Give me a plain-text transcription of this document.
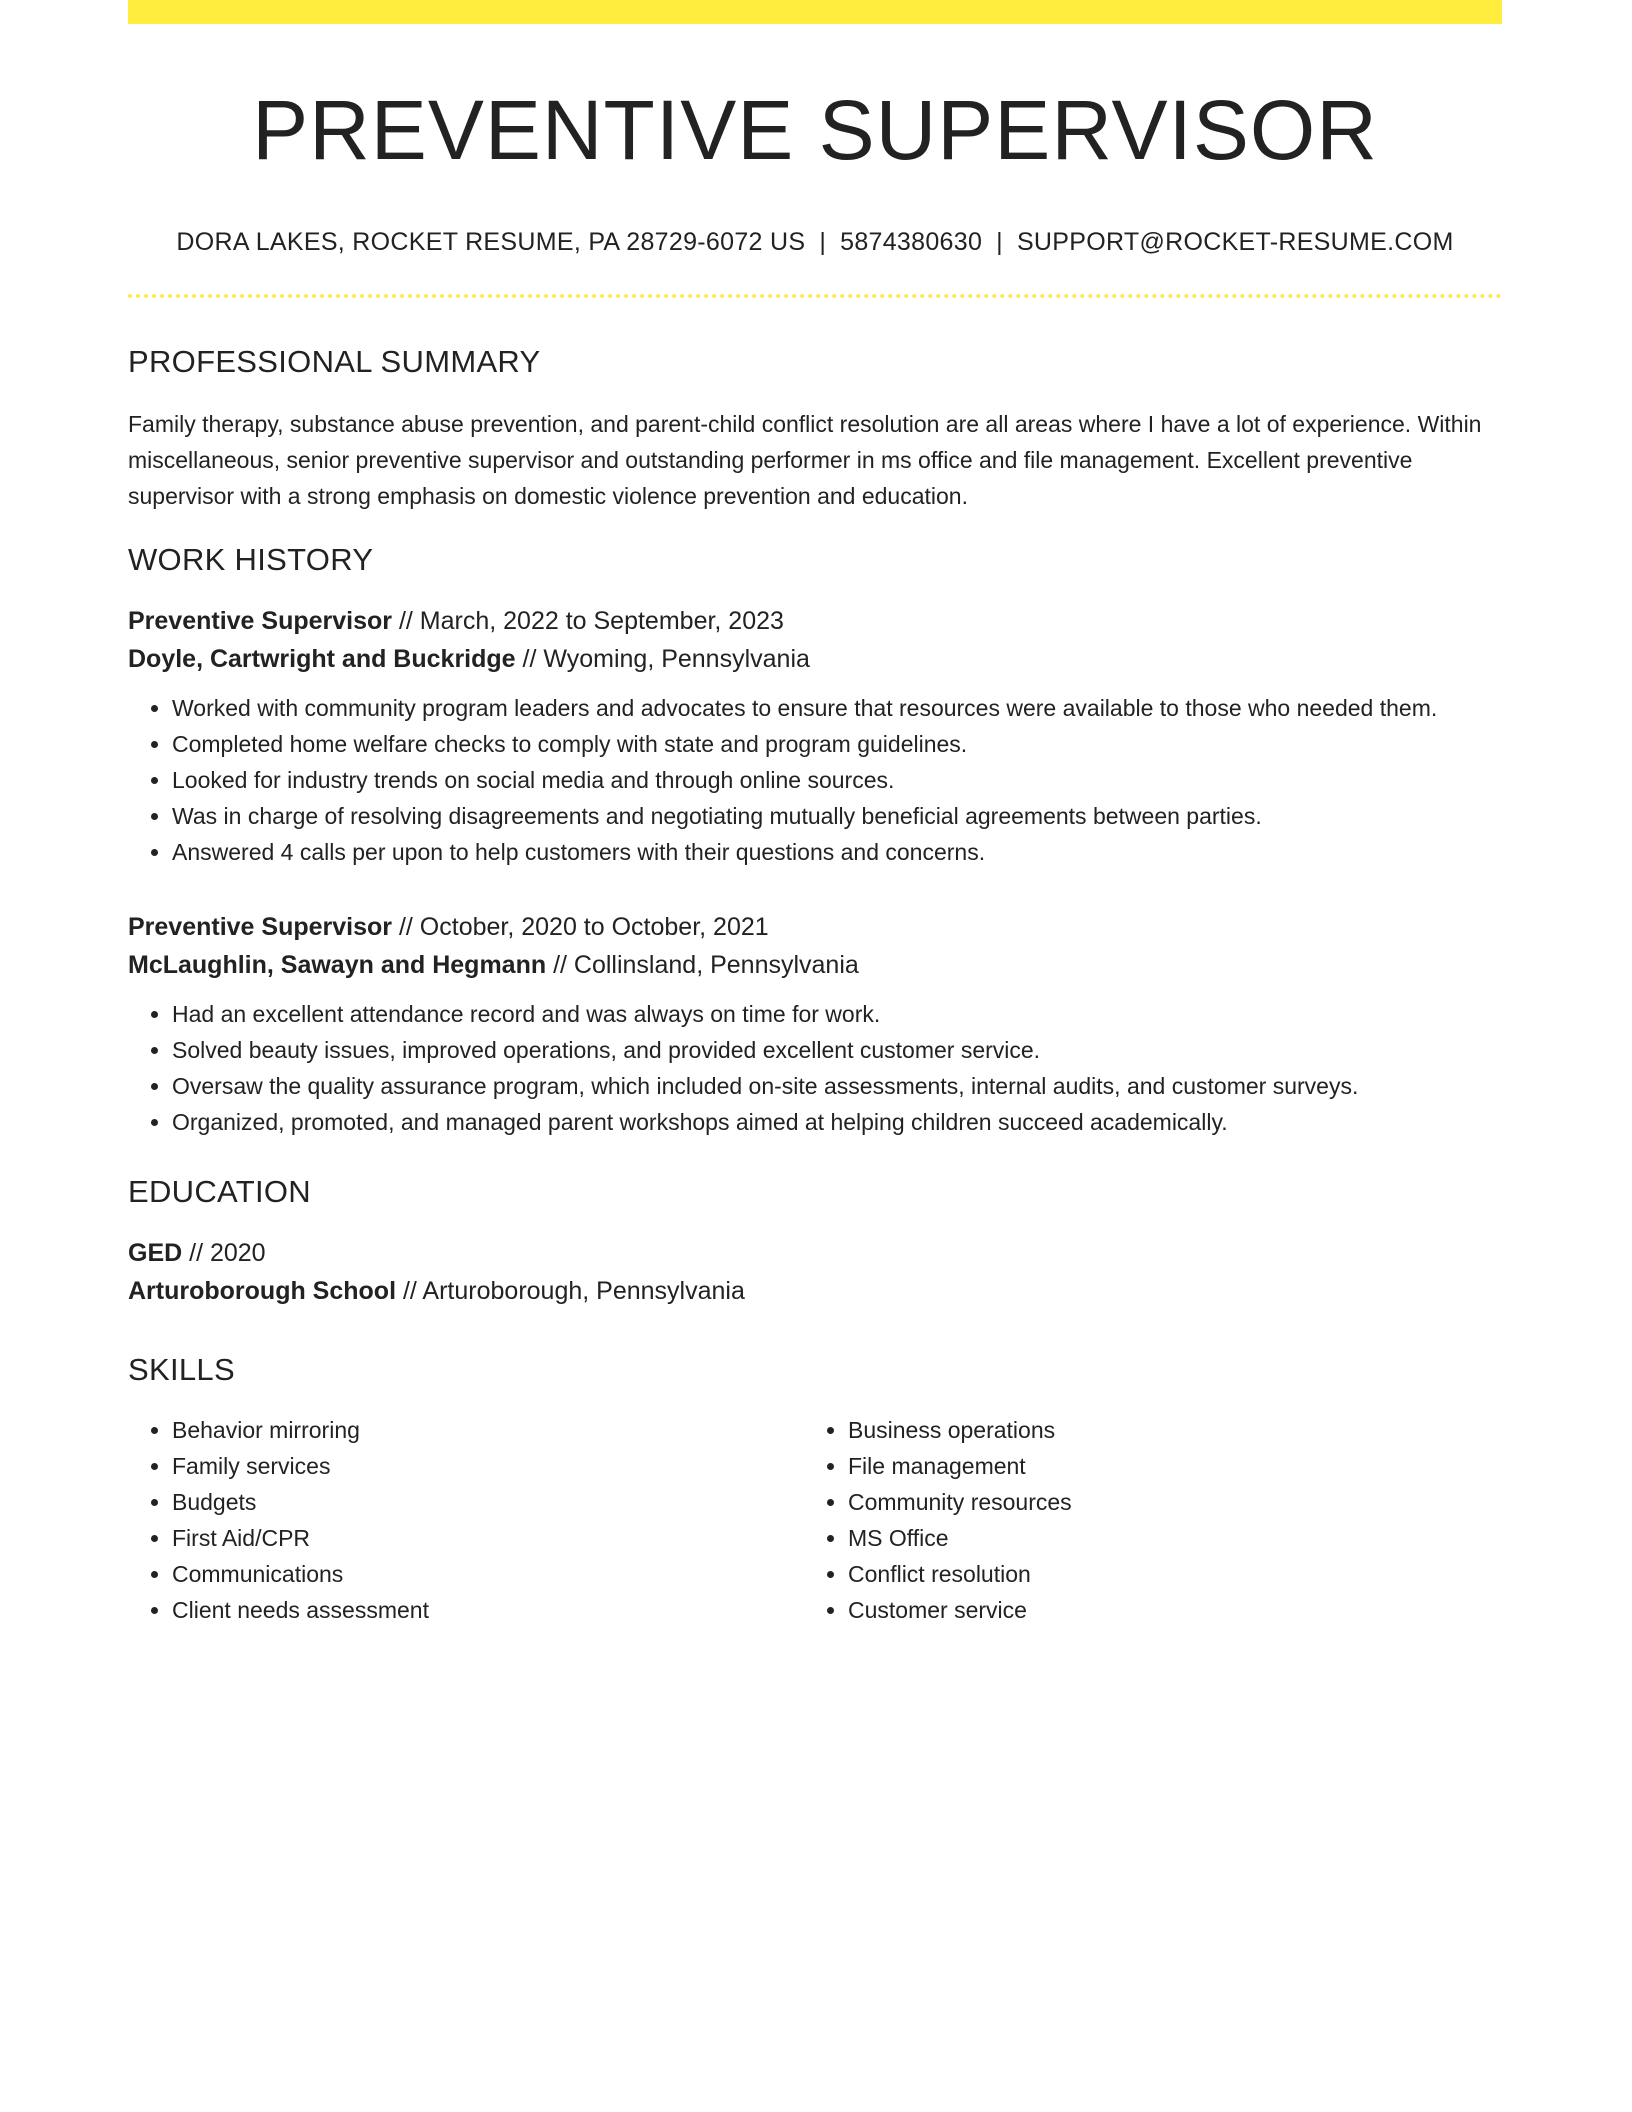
PREVENTIVE SUPERVISOR
DORA LAKES, ROCKET RESUME, PA 28729-6072 US | 5874380630 | SUPPORT@ROCKET-RESUME.COM
PROFESSIONAL SUMMARY

Family therapy, substance abuse prevention, and parent-child conflict resolution are all areas where I have a lot of experience. Within miscellaneous, senior preventive supervisor and outstanding performer in ms office and file management. Excellent preventive supervisor with a strong emphasis on domestic violence prevention and education.

WORK HISTORY
Preventive Supervisor // March, 2022 to September, 2023
Doyle, Cartwright and Buckridge // Wyoming, Pennsylvania
• Worked with community program leaders and advocates to ensure that resources were available to those who needed them.
• Completed home welfare checks to comply with state and program guidelines.
• Looked for industry trends on social media and through online sources.
• Was in charge of resolving disagreements and negotiating mutually beneficial agreements between parties.
• Answered 4 calls per upon to help customers with their questions and concerns.
Preventive Supervisor // October, 2020 to October, 2021
McLaughlin, Sawayn and Hegmann // Collinsland, Pennsylvania
• Had an excellent attendance record and was always on time for work.
• Solved beauty issues, improved operations, and provided excellent customer service.
• Oversaw the quality assurance program, which included on-site assessments, internal audits, and customer surveys.
• Organized, promoted, and managed parent workshops aimed at helping children succeed academically.
EDUCATION
GED // 2020
Arturoborough School // Arturoborough, Pennsylvania
SKILLS
• Behavior mirroring
• Family services
• Budgets
• First Aid/CPR
• Communications
• Client needs assessment
• Business operations
• File management
• Community resources
• MS Office
• Conflict resolution
• Customer service
